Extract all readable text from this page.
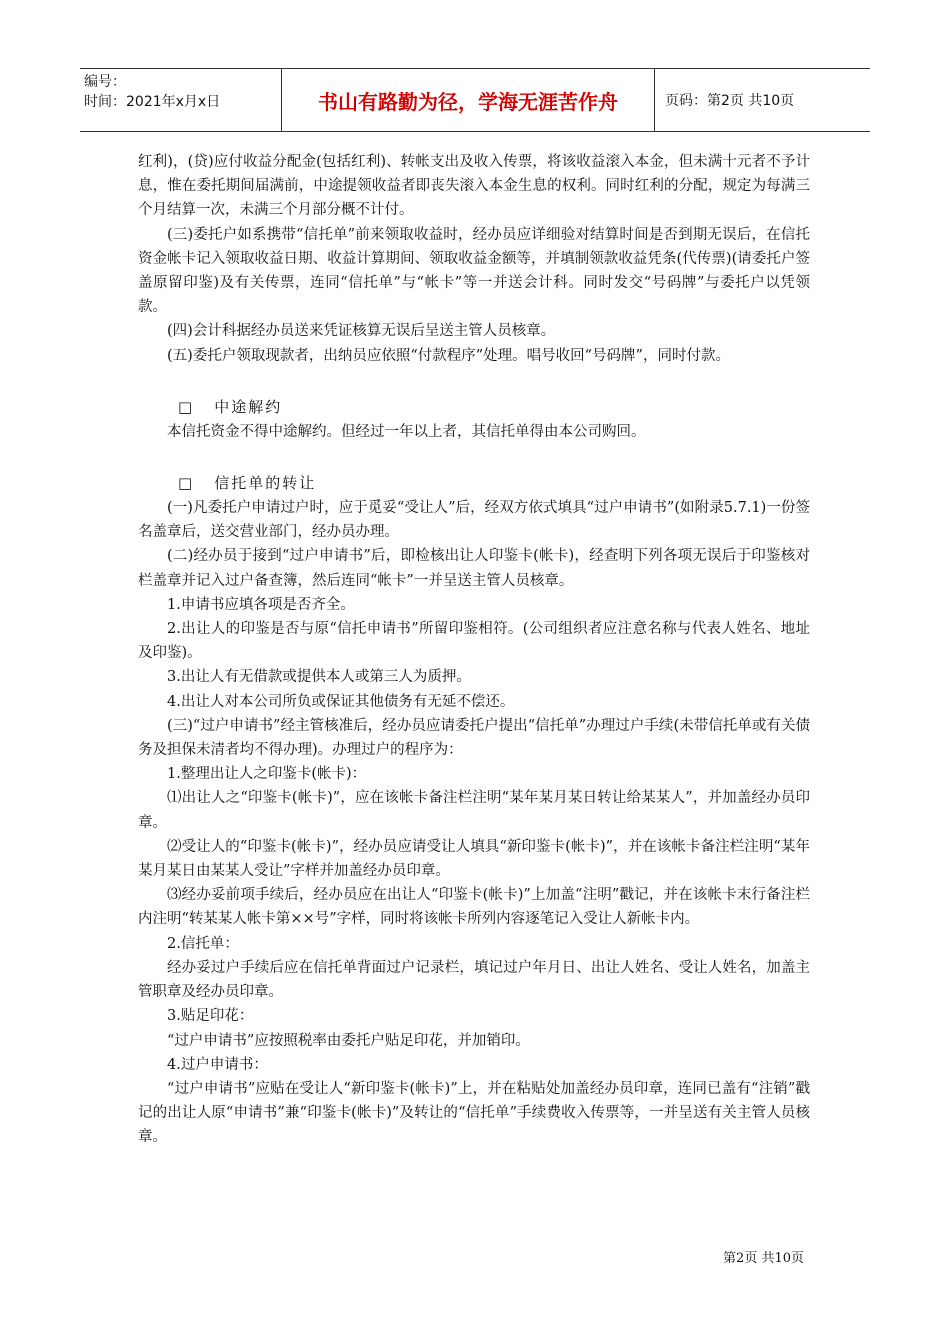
编号：
时间：2021年x月x日	书山有路勤为径，学海无涯苦作舟	页码：第2页 共10页

红利)，(贷)应付收益分配金(包括红利)、转帐支出及收入传票，将该收益滚入本金，但未满十元者不予计息，惟在委托期间届满前，中途提领收益者即丧失滚入本金生息的权利。同时红利的分配，规定为每满三个月结算一次，未满三个月部分概不计付。

(三)委托户如系携带“信托单”前来领取收益时，经办员应详细验对结算时间是否到期无误后，在信托资金帐卡记入领取收益日期、收益计算期间、领取收益金额等，并填制领款收益凭条(代传票)(请委托户签盖原留印鉴)及有关传票，连同“信托单”与“帐卡”等一并送会计科。同时发交“号码牌”与委托户以凭领款。

(四)会计科据经办员送来凭证核算无误后呈送主管人员核章。

(五)委托户领取现款者，出纳员应依照“付款程序”处理。唱号收回“号码牌”，同时付款。

□ 中途解约

本信托资金不得中途解约。但经过一年以上者，其信托单得由本公司购回。

□ 信托单的转让

(一)凡委托户申请过户时，应于觅妥“受让人”后，经双方依式填具“过户申请书”(如附录5.7.1)一份签名盖章后，送交营业部门，经办员办理。

(二)经办员于接到“过户申请书”后，即检核出让人印鉴卡(帐卡)，经查明下列各项无误后于印鉴核对栏盖章并记入过户备查簿，然后连同“帐卡”一并呈送主管人员核章。

1.申请书应填各项是否齐全。

2.出让人的印鉴是否与原“信托申请书”所留印鉴相符。(公司组织者应注意名称与代表人姓名、地址及印鉴)。

3.出让人有无借款或提供本人或第三人为质押。

4.出让人对本公司所负或保证其他债务有无延不偿还。

(三)“过户申请书”经主管核准后，经办员应请委托户提出“信托单”办理过户手续(未带信托单或有关债务及担保未清者均不得办理)。办理过户的程序为：

1.整理出让人之印鉴卡(帐卡)：

⑴出让人之“印鉴卡(帐卡)”，应在该帐卡备注栏注明“某年某月某日转让给某某人”，并加盖经办员印章。

⑵受让人的“印鉴卡(帐卡)”，经办员应请受让人填具“新印鉴卡(帐卡)”，并在该帐卡备注栏注明“某年某月某日由某某人受让”字样并加盖经办员印章。

⑶经办妥前项手续后，经办员应在出让人“印鉴卡(帐卡)”上加盖“注明”戳记，并在该帐卡末行备注栏内注明“转某某人帐卡第××号”字样，同时将该帐卡所列内容逐笔记入受让人新帐卡内。

2.信托单：

经办妥过户手续后应在信托单背面过户记录栏，填记过户年月日、出让人姓名、受让人姓名，加盖主管职章及经办员印章。

3.贴足印花：

“过户申请书”应按照税率由委托户贴足印花，并加销印。

4.过户申请书：

“过户申请书”应贴在受让人“新印鉴卡(帐卡)”上，并在粘贴处加盖经办员印章，连同已盖有“注销”戳记的出让人原“申请书”兼“印鉴卡(帐卡)”及转让的“信托单”手续费收入传票等，一并呈送有关主管人员核章。

第2页 共10页
